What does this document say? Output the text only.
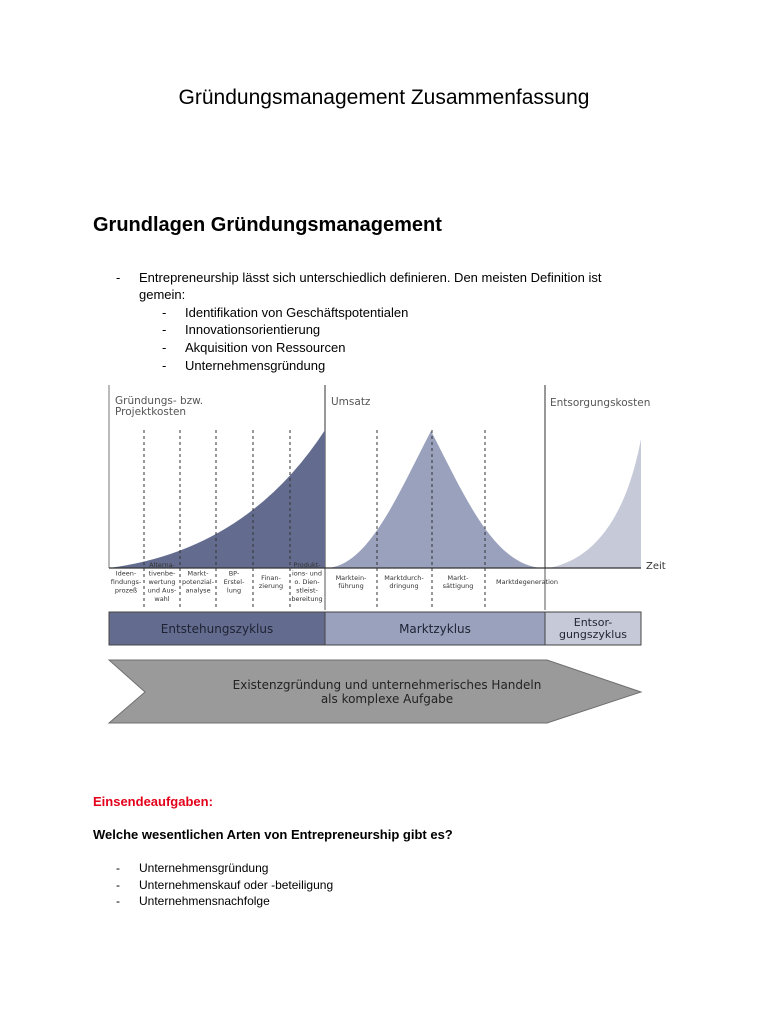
Gründungsmanagement Zusammenfassung
Grundlagen Gründungsmanagement
- Entrepreneurship lässt sich unterschiedlich definieren. Den meisten Definition ist
gemein:
- Identifikation von Geschäftspotentialen
- Innovationsorientierung
- Akquisition von Ressourcen
- Unternehmensgründung
Zeit
Gründungs- bzw.
Projektkosten
Umsatz	Entsorgungskosten
Ideen-
findungs-
prozeß
Alterna-
tivenbe-
wertung
und Aus-
wahl
Markt-
potenzial-
analyse
BP-
Erstel-
lung
Finan-
zierung
Produkt-
ions- und
o. Dien-
stleist-
bereitung
Marktein-
führung
Marktdurch-
dringung
Markt-
sättigung
Marktdegeneration
Entstehungszyklus	Marktzyklus	Entsor-
gungszyklus
Existenzgründung und unternehmerisches Handeln
als komplexe Aufgabe
Einsendeaufgaben:
Welche wesentlichen Arten von Entrepreneurship gibt es?
- Unternehmensgründung
- Unternehmenskauf oder -beteiligung
- Unternehmensnachfolge
